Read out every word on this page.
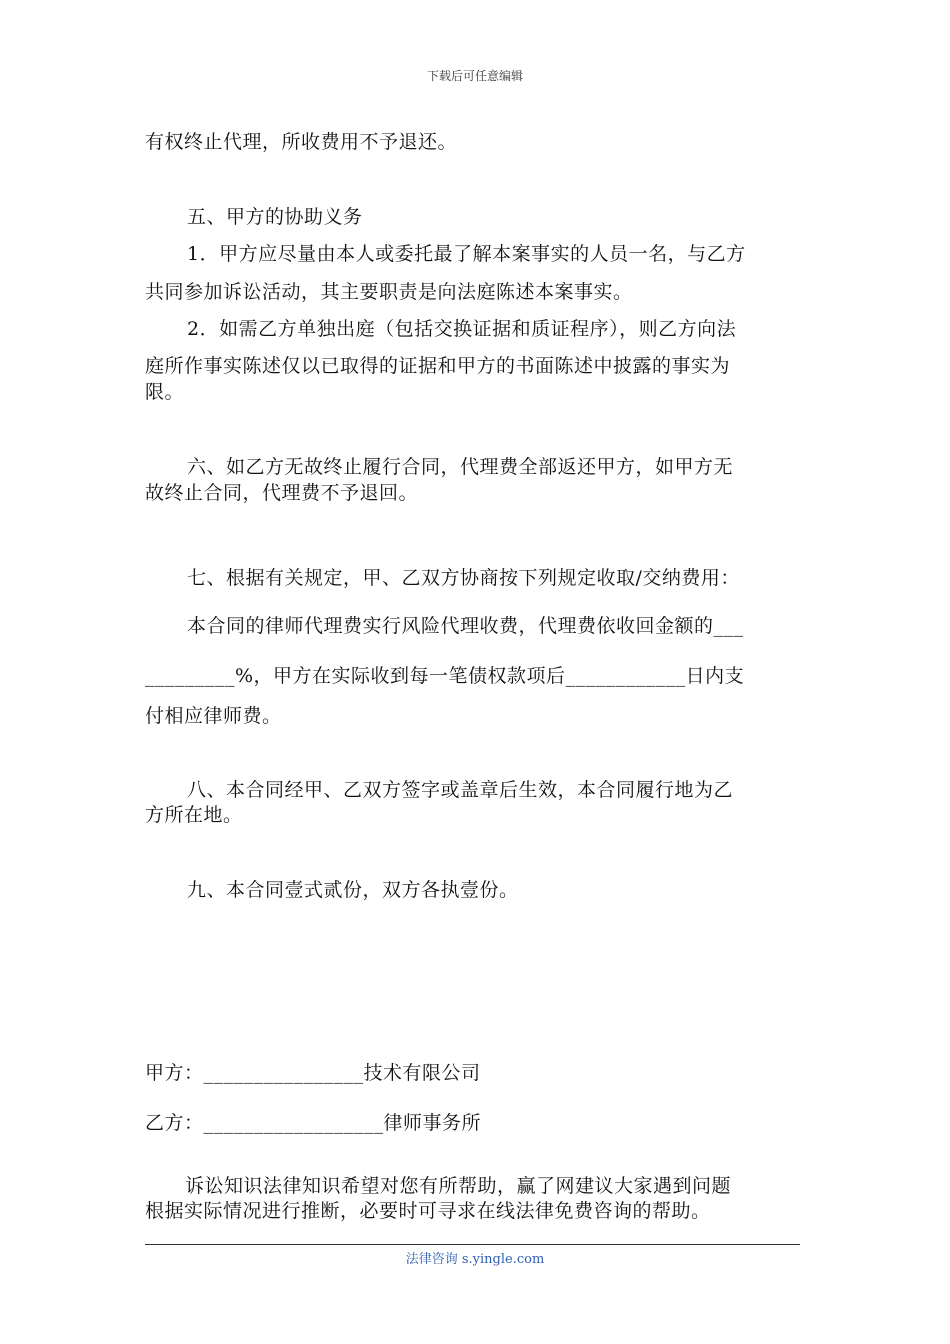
下载后可任意编辑
有权终止代理，所收费用不予退还。
五、甲方的协助义务
1．甲方应尽量由本人或委托最了解本案事实的人员一名，与乙方
共同参加诉讼活动，其主要职责是向法庭陈述本案事实。
2．如需乙方单独出庭（包括交换证据和质证程序），则乙方向法
庭所作事实陈述仅以已取得的证据和甲方的书面陈述中披露的事实为
限。
六、如乙方无故终止履行合同，代理费全部返还甲方，如甲方无
故终止合同，代理费不予退回。
七、根据有关规定，甲、乙双方协商按下列规定收取/交纳费用：
本合同的律师代理费实行风险代理收费，代理费依收回金额的___
_________%，甲方在实际收到每一笔债权款项后____________日内支
付相应律师费。
八、本合同经甲、乙双方签字或盖章后生效，本合同履行地为乙
方所在地。
九、本合同壹式贰份，双方各执壹份。
甲方：________________技术有限公司
乙方：__________________律师事务所
诉讼知识法律知识希望对您有所帮助，赢了网建议大家遇到问题
根据实际情况进行推断，必要时可寻求在线法律免费咨询的帮助。
法律咨询 s.yingle.com
